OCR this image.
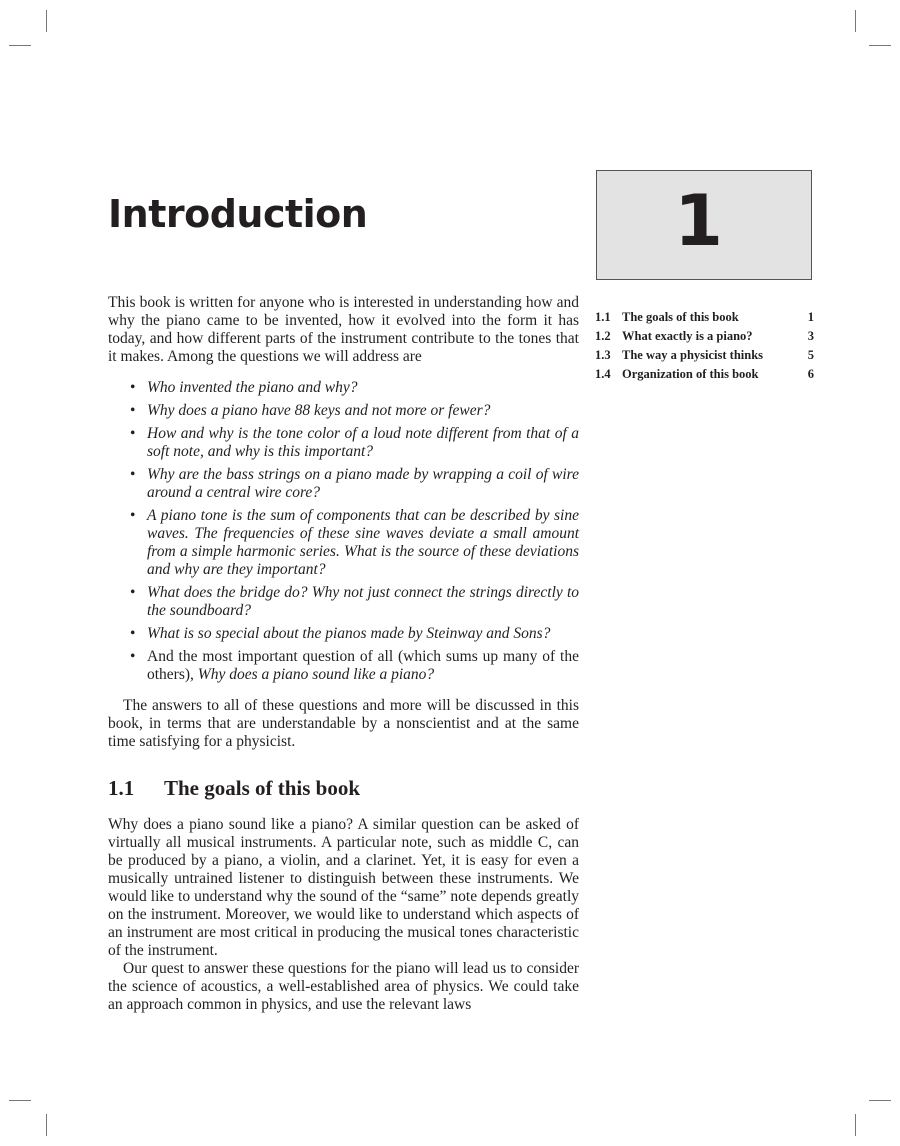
Introduction	1
1.1 The goals of this book	1
1.2 What exactly is a piano?	3
1.3 The way a physicist thinks	5
1.4 Organization of this book	6

This book is written for anyone who is interested in understanding how and why the piano came to be invented, how it evolved into the form it has today, and how different parts of the instrument contribute to the tones that it makes. Among the questions we will address are

• Who invented the piano and why?
• Why does a piano have 88 keys and not more or fewer?
• How and why is the tone color of a loud note different from that of a soft note, and why is this important?
• Why are the bass strings on a piano made by wrapping a coil of wire around a central wire core?
• A piano tone is the sum of components that can be described by sine waves. The frequencies of these sine waves deviate a small amount from a simple harmonic series. What is the source of these deviations and why are they important?
• What does the bridge do? Why not just connect the strings directly to the soundboard?
• What is so special about the pianos made by Steinway and Sons?
• And the most important question of all (which sums up many of the others), Why does a piano sound like a piano?

The answers to all of these questions and more will be discussed in this book, in terms that are understandable by a nonscientist and at the same time satisfying for a physicist.

1.1 The goals of this book

Why does a piano sound like a piano? A similar question can be asked of virtually all musical instruments. A particular note, such as middle C, can be produced by a piano, a violin, and a clarinet. Yet, it is easy for even a musically untrained listener to distinguish between these instruments. We would like to understand why the sound of the “same” note depends greatly on the instrument. Moreover, we would like to understand which aspects of an instrument are most critical in producing the musical tones characteristic of the instrument.

Our quest to answer these questions for the piano will lead us to consider the science of acoustics, a well-established area of physics. We could take an approach common in physics, and use the relevant laws
